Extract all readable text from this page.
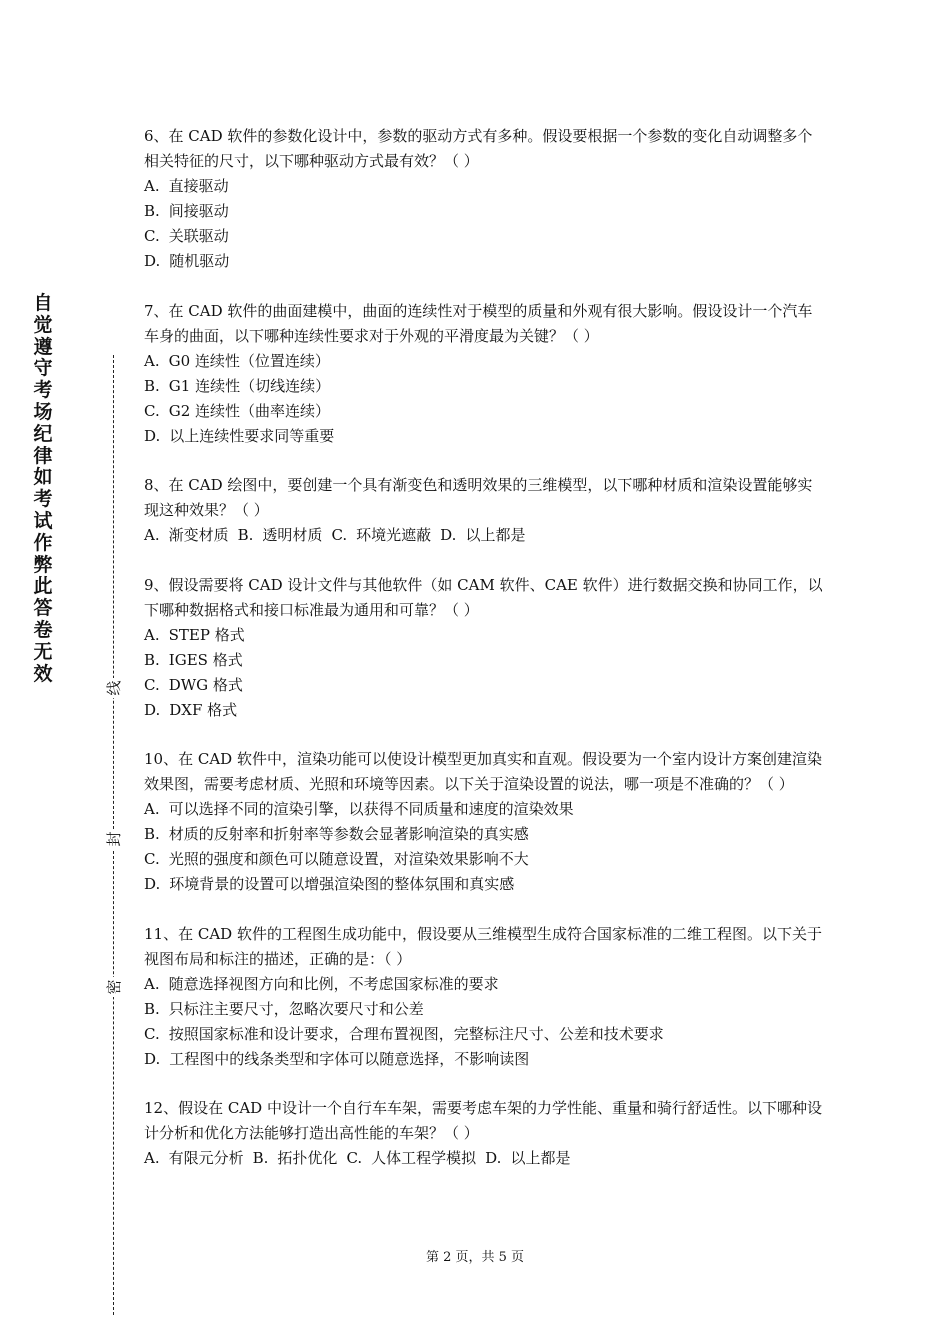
自觉遵守考场纪律如考试作弊此答卷无效
线
封
密

6、在 CAD 软件的参数化设计中，参数的驱动方式有多种。假设要根据一个参数的变化自动调整多个相关特征的尺寸，以下哪种驱动方式最有效？（ ）

A. 直接驱动
B. 间接驱动
C. 关联驱动
D. 随机驱动

7、在 CAD 软件的曲面建模中，曲面的连续性对于模型的质量和外观有很大影响。假设设计一个汽车车身的曲面，以下哪种连续性要求对于外观的平滑度最为关键？（ ）

A. G0 连续性（位置连续）
B. G1 连续性（切线连续）
C. G2 连续性（曲率连续）
D. 以上连续性要求同等重要

8、在 CAD 绘图中，要创建一个具有渐变色和透明效果的三维模型，以下哪种材质和渲染设置能够实现这种效果？（ ）

A. 渐变材质 B. 透明材质 C. 环境光遮蔽 D. 以上都是

9、假设需要将 CAD 设计文件与其他软件（如 CAM 软件、CAE 软件）进行数据交换和协同工作，以下哪种数据格式和接口标准最为通用和可靠？（ ）

A. STEP 格式
B. IGES 格式
C. DWG 格式
D. DXF 格式

10、在 CAD 软件中，渲染功能可以使设计模型更加真实和直观。假设要为一个室内设计方案创建渲染效果图，需要考虑材质、光照和环境等因素。以下关于渲染设置的说法，哪一项是不准确的？（ ）

A. 可以选择不同的渲染引擎，以获得不同质量和速度的渲染效果
B. 材质的反射率和折射率等参数会显著影响渲染的真实感
C. 光照的强度和颜色可以随意设置，对渲染效果影响不大
D. 环境背景的设置可以增强渲染图的整体氛围和真实感

11、在 CAD 软件的工程图生成功能中，假设要从三维模型生成符合国家标准的二维工程图。以下关于视图布局和标注的描述，正确的是：（ ）

A. 随意选择视图方向和比例，不考虑国家标准的要求
B. 只标注主要尺寸，忽略次要尺寸和公差
C. 按照国家标准和设计要求，合理布置视图，完整标注尺寸、公差和技术要求
D. 工程图中的线条类型和字体可以随意选择，不影响读图

12、假设在 CAD 中设计一个自行车车架，需要考虑车架的力学性能、重量和骑行舒适性。以下哪种设计分析和优化方法能够打造出高性能的车架？（ ）

A. 有限元分析 B. 拓扑优化 C. 人体工程学模拟 D. 以上都是
第 2 页，共 5 页
